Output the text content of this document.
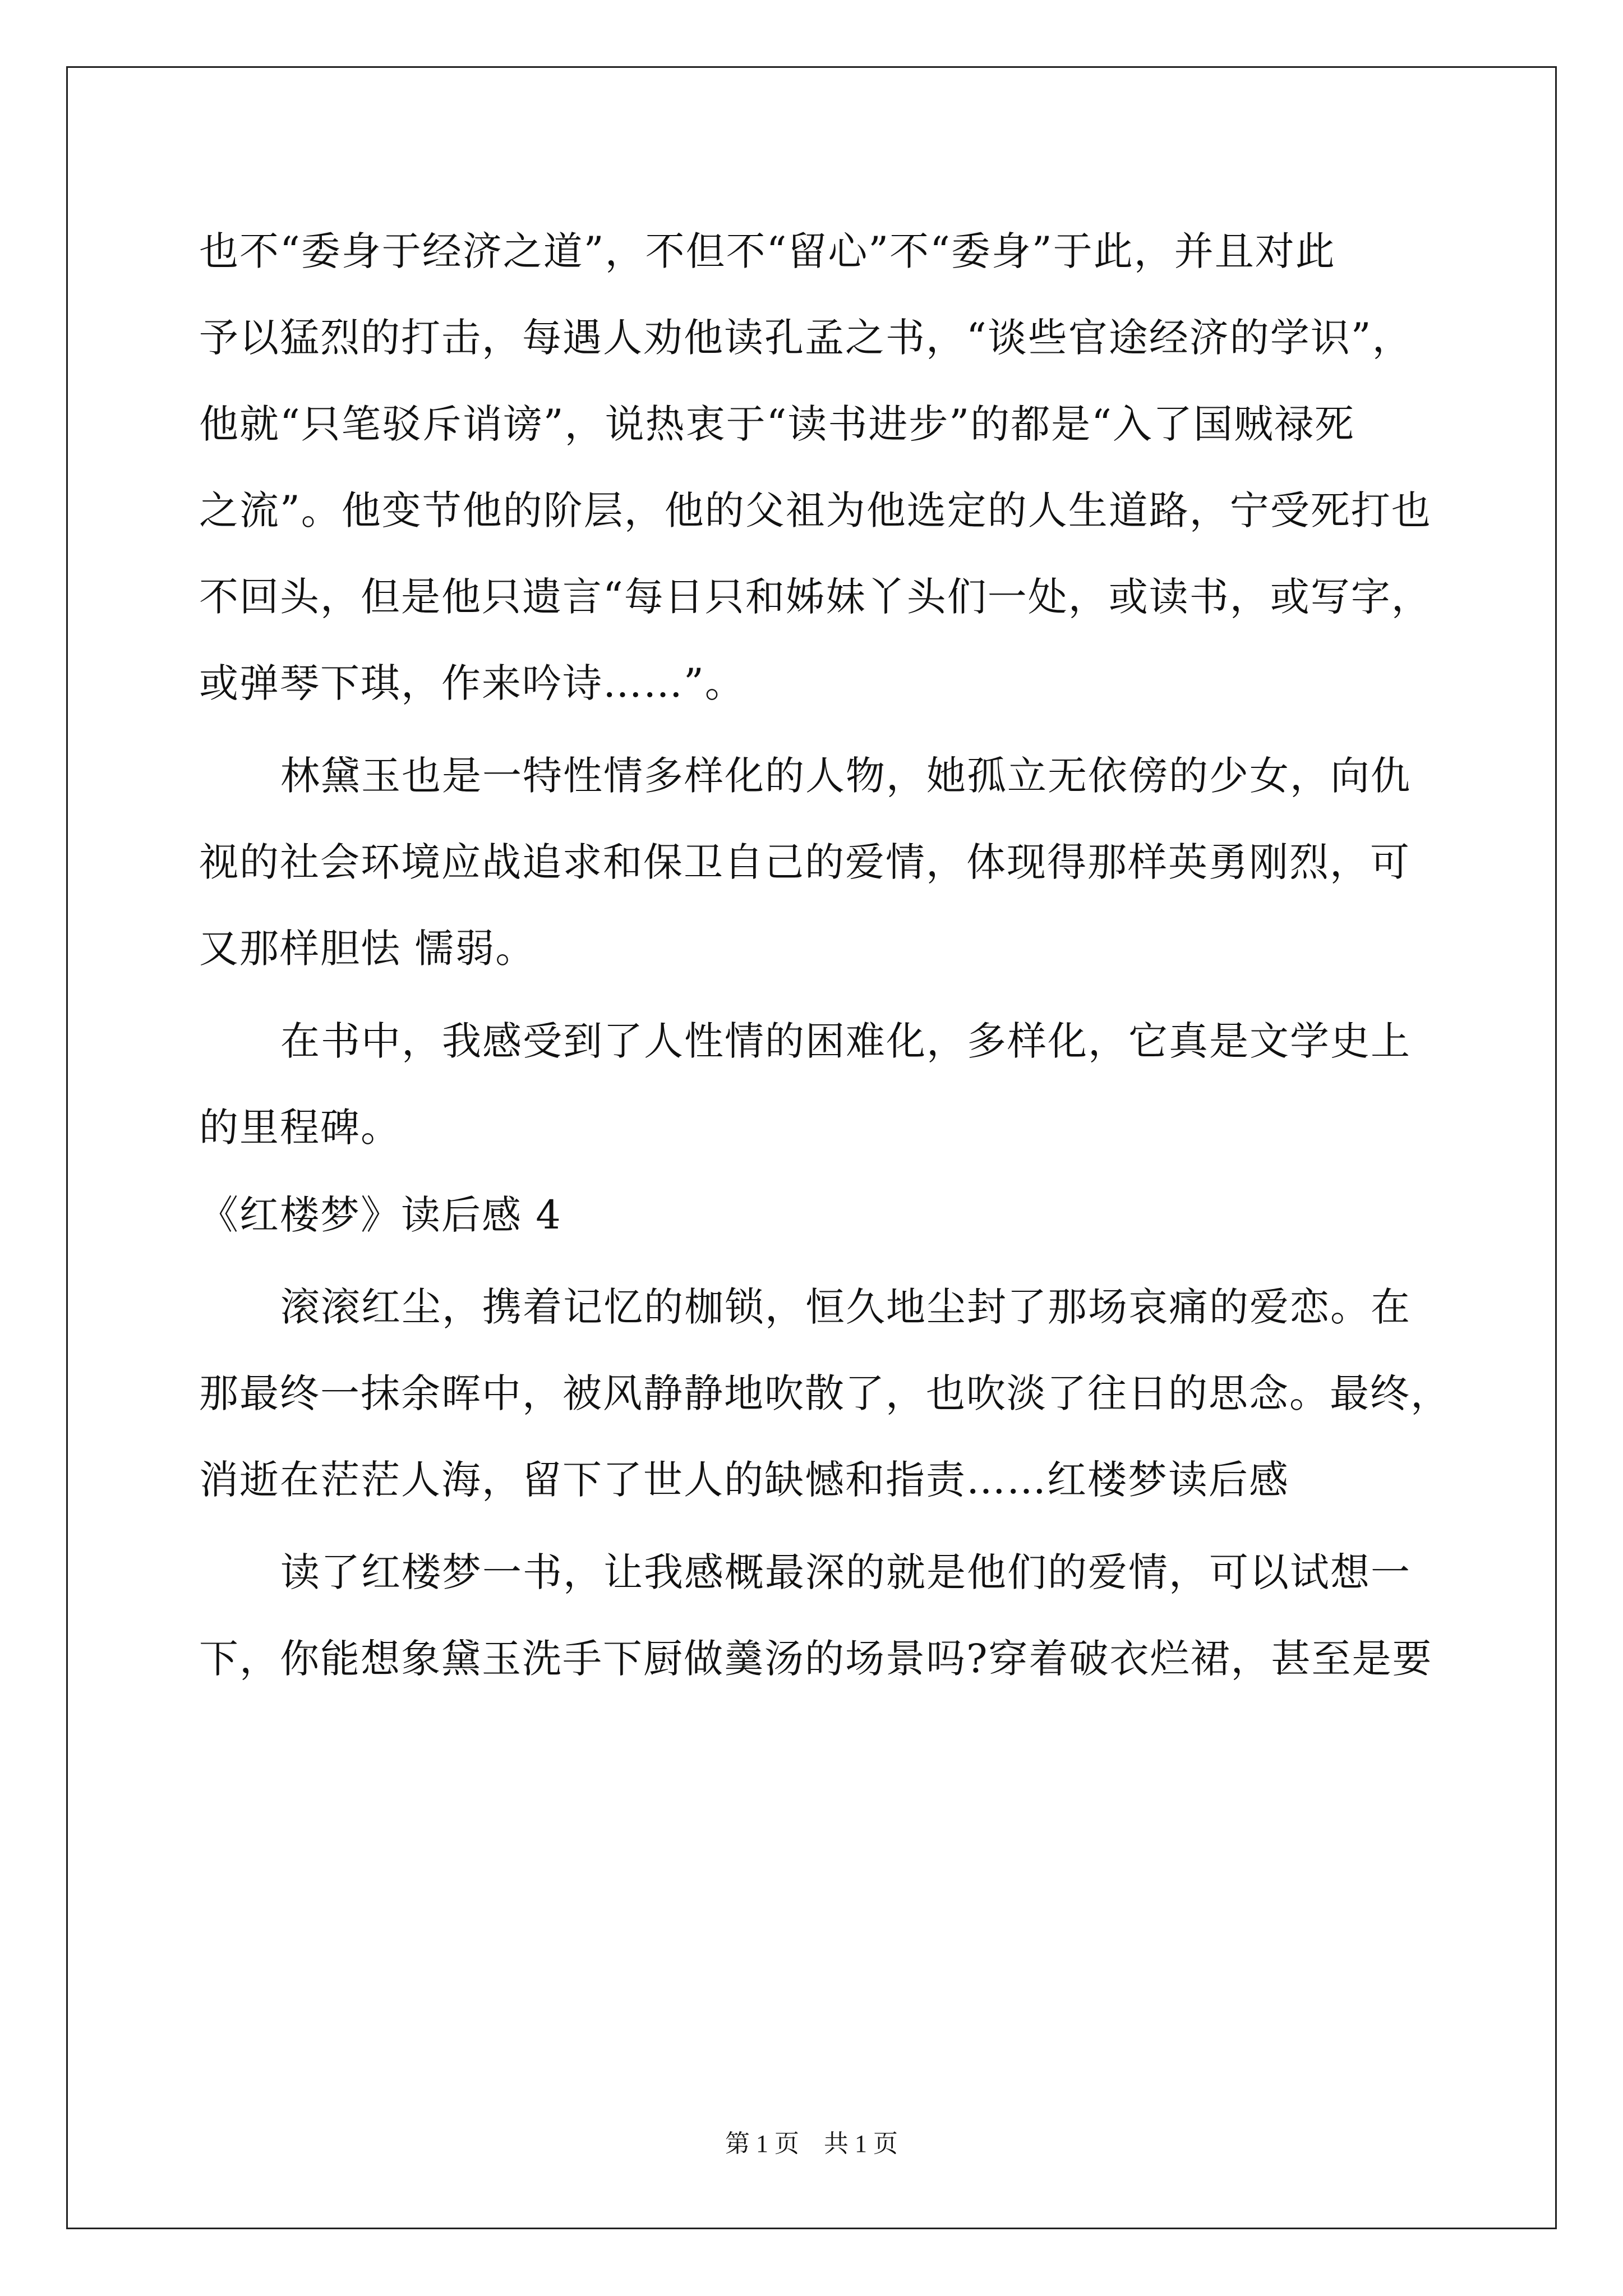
也不“委身于经济之道”，不但不“留心”不“委身”于此，并且对此
予以猛烈的打击，每遇人劝他读孔孟之书，“谈些官途经济的学识”，
他就“只笔驳斥诮谤”，说热衷于“读书进步”的都是“入了国贼禄死
之流”。他变节他的阶层，他的父祖为他选定的人生道路，宁受死打也
不回头，但是他只遗言“每日只和姊妹丫头们一处，或读书，或写字，
或弹琴下琪，作来吟诗……”。
林黛玉也是一特性情多样化的人物，她孤立无依傍的少女，向仇
视的社会环境应战追求和保卫自己的爱情，体现得那样英勇刚烈，可
又那样胆怯 懦弱。
在书中，我感受到了人性情的困难化，多样化，它真是文学史上
的里程碑。
《红楼梦》读后感 4
滚滚红尘，携着记忆的枷锁，恒久地尘封了那场哀痛的爱恋。在
那最终一抹余晖中，被风静静地吹散了，也吹淡了往日的思念。最终，
消逝在茫茫人海，留下了世人的缺憾和指责……红楼梦读后感
读了红楼梦一书，让我感概最深的就是他们的爱情，可以试想一
下，你能想象黛玉洗手下厨做羹汤的场景吗?穿着破衣烂裙，甚至是要
第 1 页　共 1 页
